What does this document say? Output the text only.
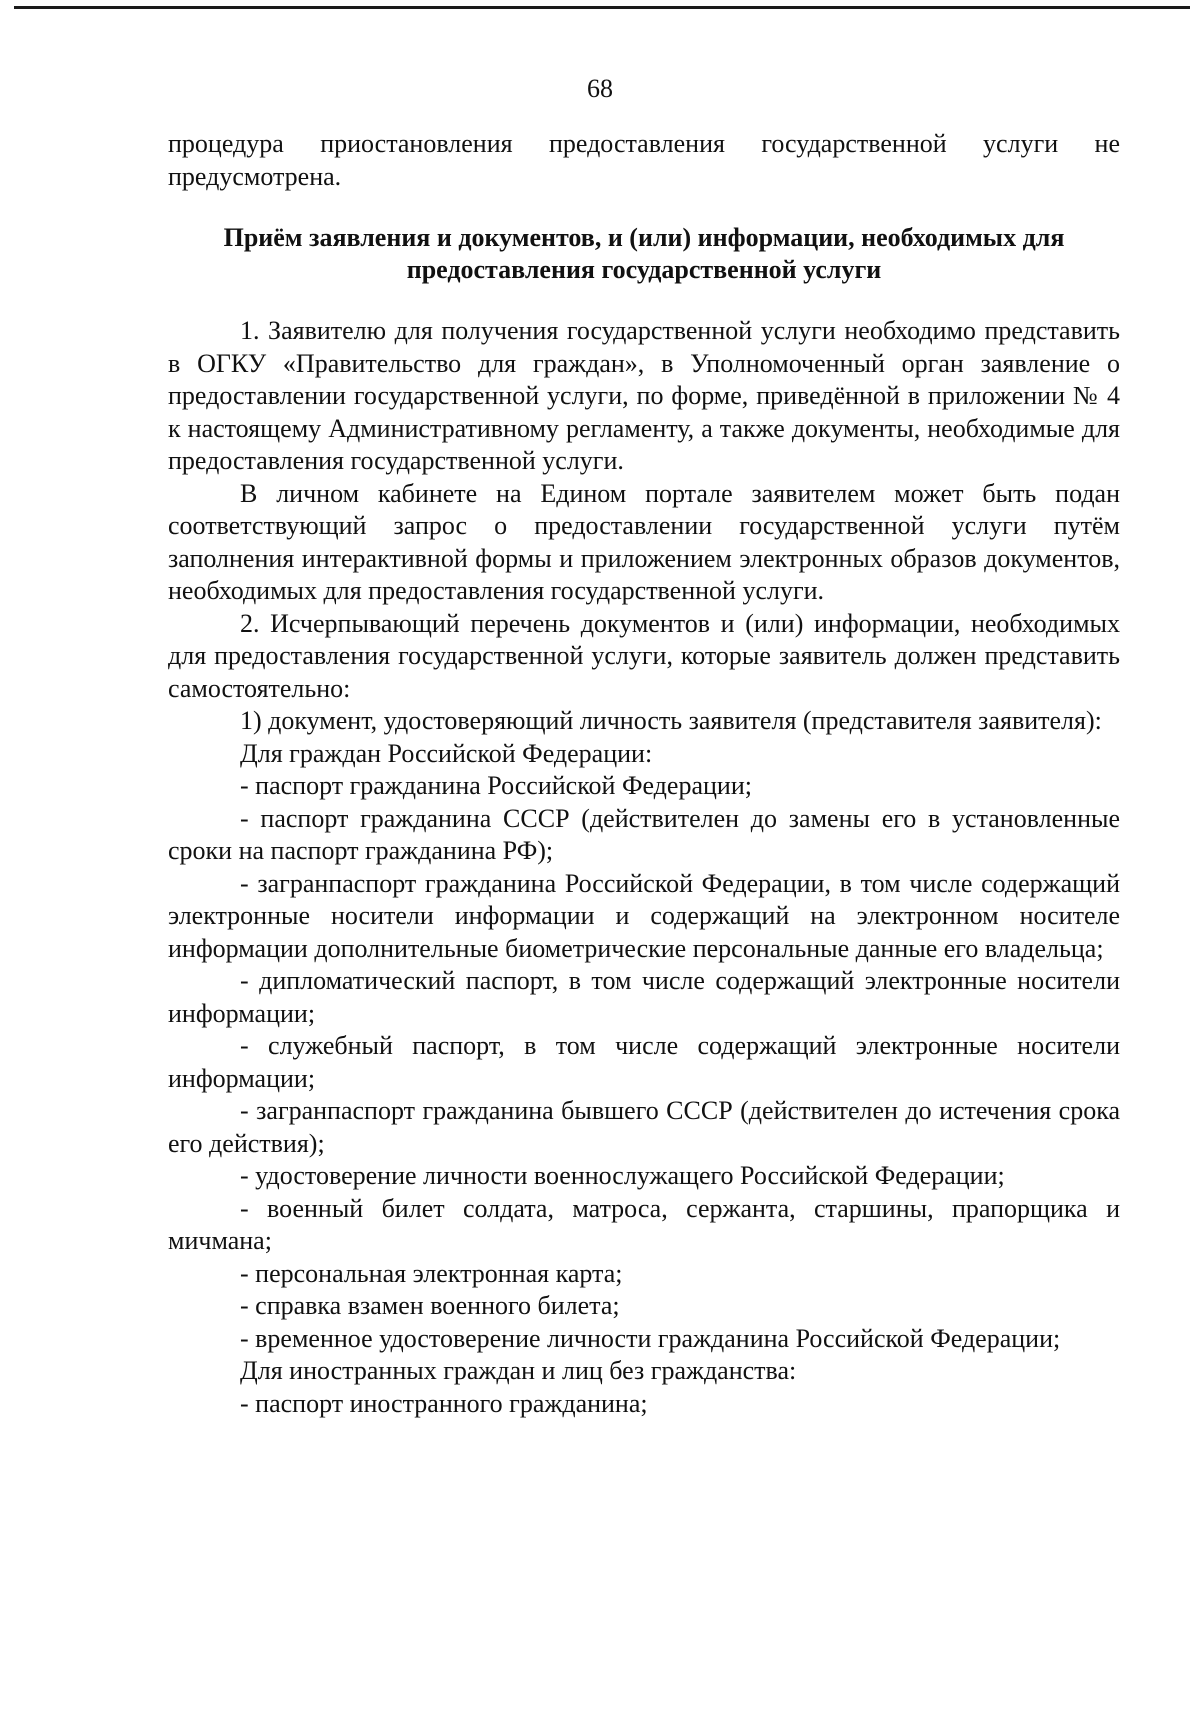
68

процедура приостановления предоставления государственной услуги не предусмотрена.

Приём заявления и документов, и (или) информации, необходимых для предоставления государственной услуги

1. Заявителю для получения государственной услуги необходимо представить в ОГКУ «Правительство для граждан», в Уполномоченный орган заявление о предоставлении государственной услуги, по форме, приведённой в приложении № 4 к настоящему Административному регламенту, а также документы, необходимые для предоставления государственной услуги.

В личном кабинете на Едином портале заявителем может быть подан соответствующий запрос о предоставлении государственной услуги путём заполнения интерактивной формы и приложением электронных образов документов, необходимых для предоставления государственной услуги.

2. Исчерпывающий перечень документов и (или) информации, необходимых для предоставления государственной услуги, которые заявитель должен представить самостоятельно:

1) документ, удостоверяющий личность заявителя (представителя заявителя):

Для граждан Российской Федерации:

- паспорт гражданина Российской Федерации;

- паспорт гражданина СССР (действителен до замены его в установленные сроки на паспорт гражданина РФ);

- загранпаспорт гражданина Российской Федерации, в том числе содержащий электронные носители информации и содержащий на электронном носителе информации дополнительные биометрические персональные данные его владельца;

- дипломатический паспорт, в том числе содержащий электронные носители информации;

- служебный паспорт, в том числе содержащий электронные носители информации;

- загранпаспорт гражданина бывшего СССР (действителен до истечения срока его действия);

- удостоверение личности военнослужащего Российской Федерации;

- военный билет солдата, матроса, сержанта, старшины, прапорщика и мичмана;

- персональная электронная карта;

- справка взамен военного билета;

- временное удостоверение личности гражданина Российской Федерации;

Для иностранных граждан и лиц без гражданства:

- паспорт иностранного гражданина;
